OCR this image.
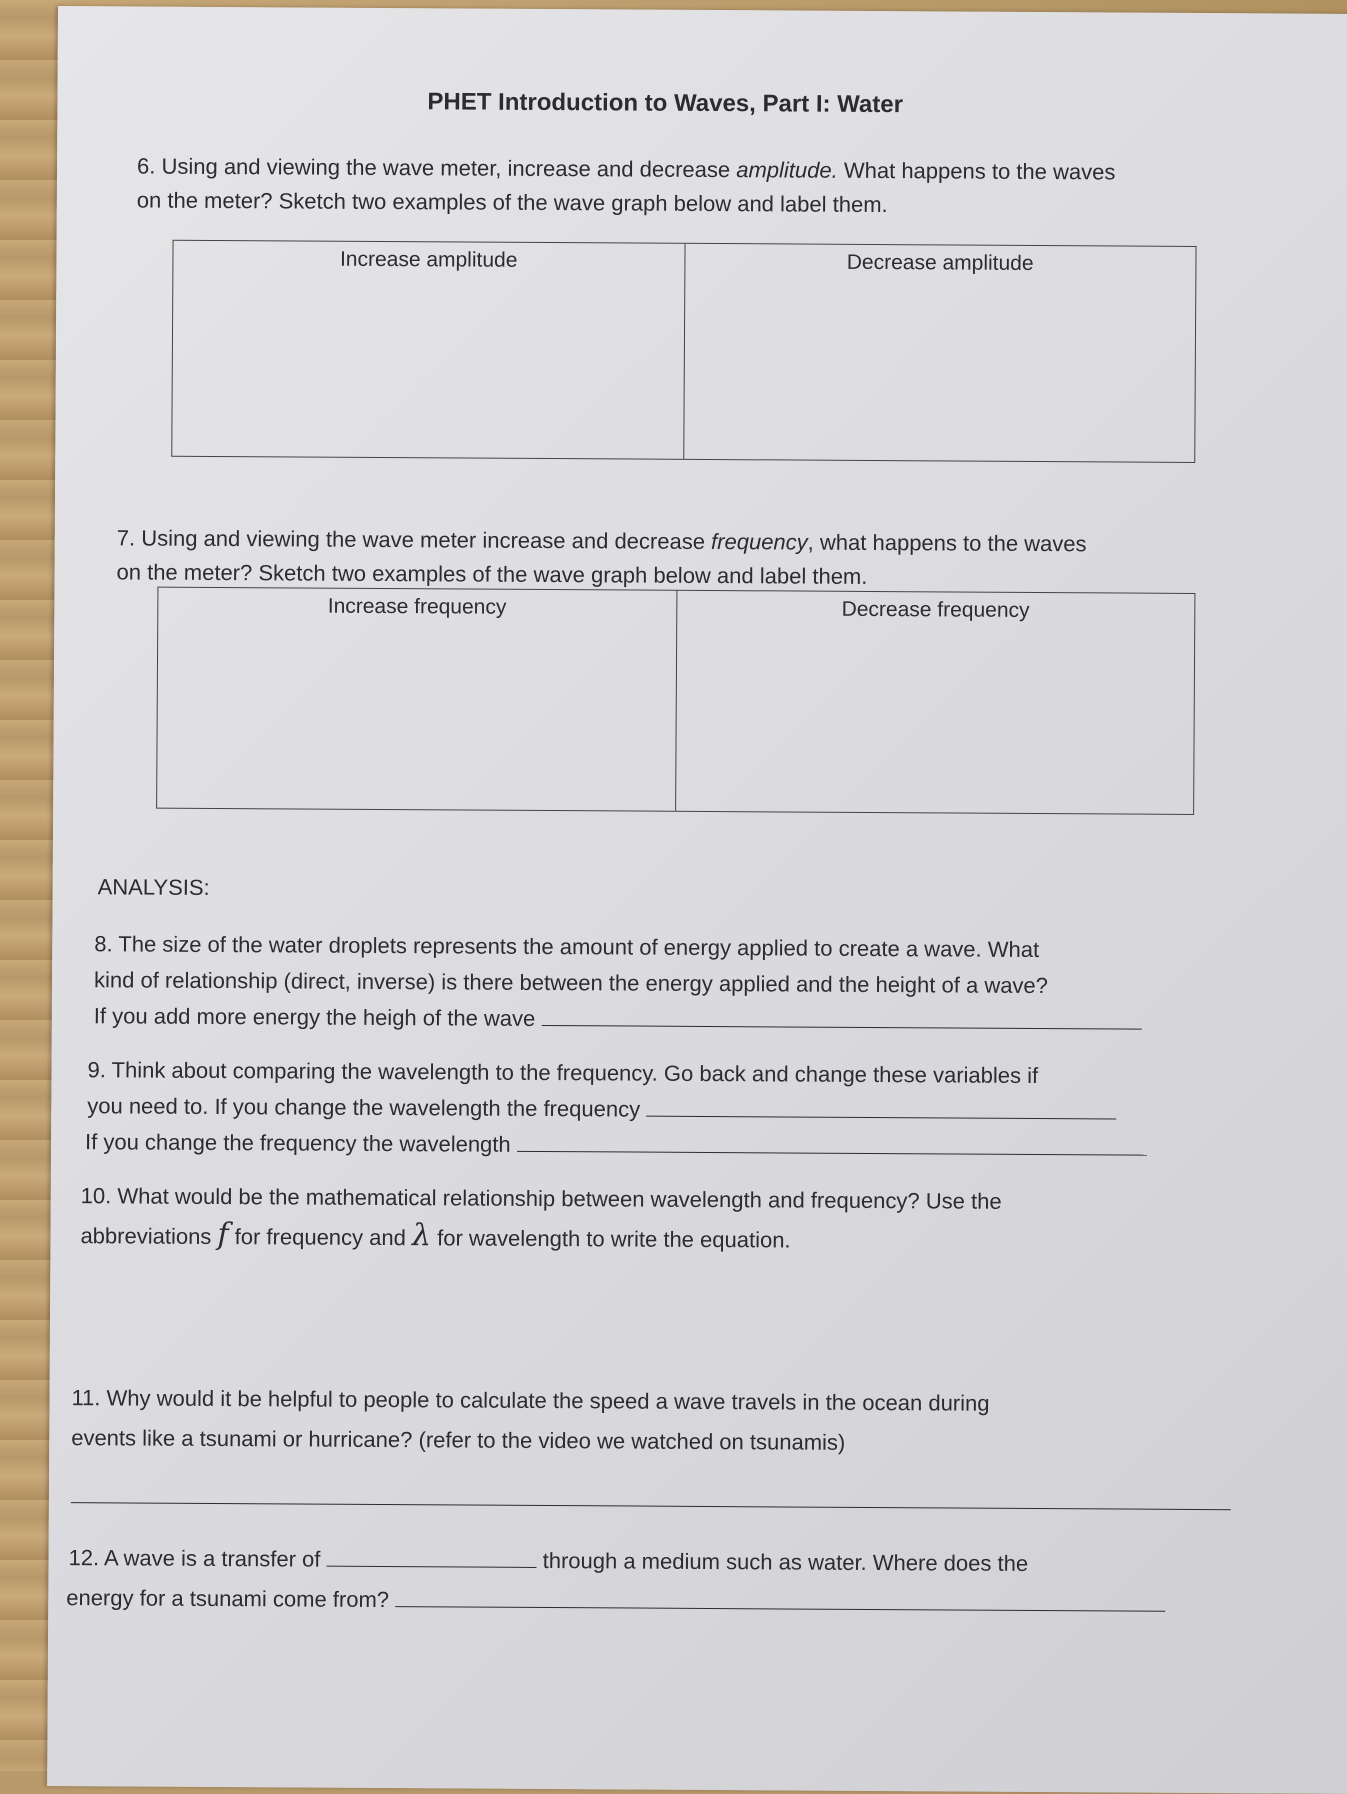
PHET Introduction to Waves, Part I: Water
6. Using and viewing the wave meter, increase and decrease amplitude. What happens to the waves
on the meter? Sketch two examples of the wave graph below and label them.
Increase amplitude	Decrease amplitude
7. Using and viewing the wave meter increase and decrease frequency, what happens to the waves
on the meter? Sketch two examples of the wave graph below and label them.
Increase frequency	Decrease frequency
ANALYSIS:
8. The size of the water droplets represents the amount of energy applied to create a wave. What
kind of relationship (direct, inverse) is there between the energy applied and the height of a wave?
If you add more energy the heigh of the wave
9. Think about comparing the wavelength to the frequency. Go back and change these variables if
you need to. If you change the wavelength the frequency
If you change the frequency the wavelength
10. What would be the mathematical relationship between wavelength and frequency? Use the
abbreviations f for frequency and λ for wavelength to write the equation.
11. Why would it be helpful to people to calculate the speed a wave travels in the ocean during
events like a tsunami or hurricane? (refer to the video we watched on tsunamis)
12. A wave is a transfer of	through a medium such as water. Where does the
energy for a tsunami come from?
